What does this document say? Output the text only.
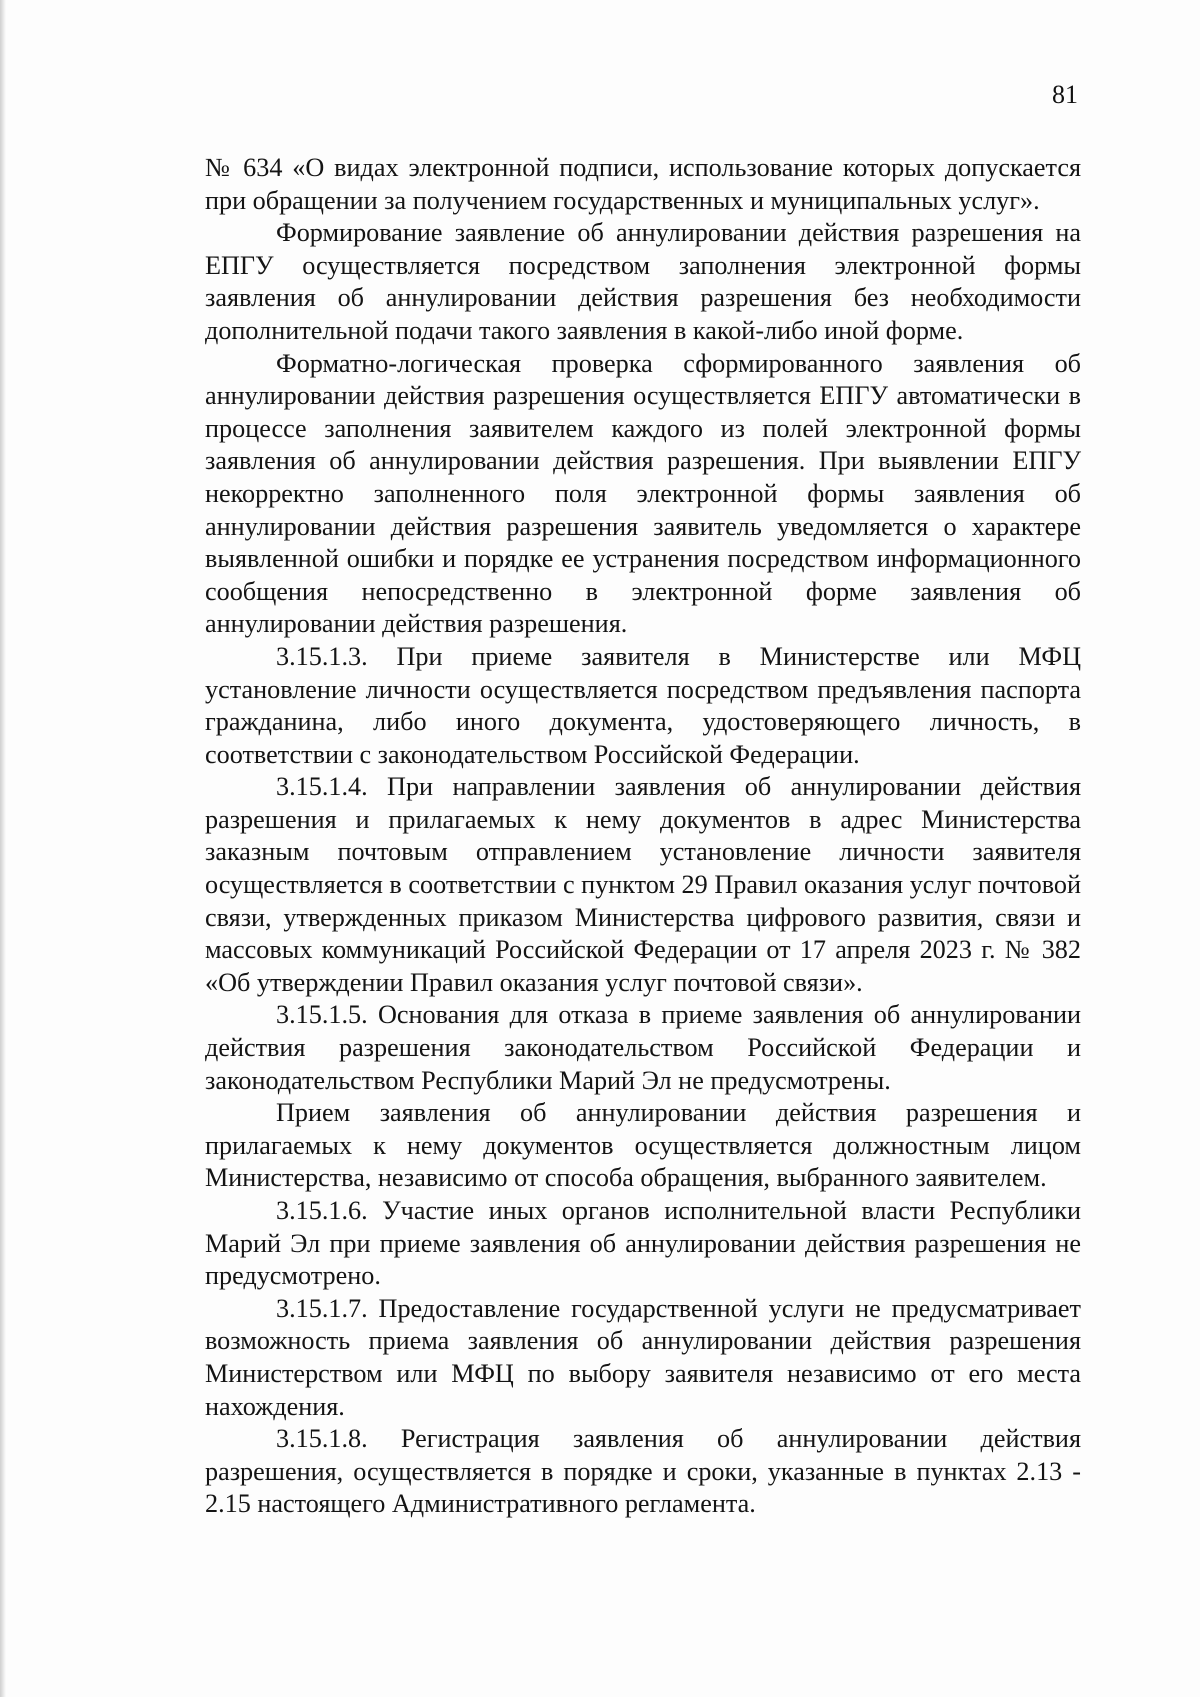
81

№ 634 «О видах электронной подписи, использование которых допускается при обращении за получением государственных и муниципальных услуг».

Формирование заявление об аннулировании действия разрешения на ЕПГУ осуществляется посредством заполнения электронной формы заявления об аннулировании действия разрешения без необходимости дополнительной подачи такого заявления в какой-либо иной форме.

Форматно-логическая проверка сформированного заявления об аннулировании действия разрешения осуществляется ЕПГУ автоматически в процессе заполнения заявителем каждого из полей электронной формы заявления об аннулировании действия разрешения. При выявлении ЕПГУ некорректно заполненного поля электронной формы заявления об аннулировании действия разрешения заявитель уведомляется о характере выявленной ошибки и порядке ее устранения посредством информационного сообщения непосредственно в электронной форме заявления об аннулировании действия разрешения.

3.15.1.3. При приеме заявителя в Министерстве или МФЦ установление личности осуществляется посредством предъявления паспорта гражданина, либо иного документа, удостоверяющего личность, в соответствии с законодательством Российской Федерации.

3.15.1.4. При направлении заявления об аннулировании действия разрешения и прилагаемых к нему документов в адрес Министерства заказным почтовым отправлением установление личности заявителя осуществляется в соответствии с пунктом 29 Правил оказания услуг почтовой связи, утвержденных приказом Министерства цифрового развития, связи и массовых коммуникаций Российской Федерации от 17 апреля 2023 г. № 382 «Об утверждении Правил оказания услуг почтовой связи».

3.15.1.5. Основания для отказа в приеме заявления об аннулировании действия разрешения законодательством Российской Федерации и законодательством Республики Марий Эл не предусмотрены.

Прием заявления об аннулировании действия разрешения и прилагаемых к нему документов осуществляется должностным лицом Министерства, независимо от способа обращения, выбранного заявителем.

3.15.1.6. Участие иных органов исполнительной власти Республики Марий Эл при приеме заявления об аннулировании действия разрешения не предусмотрено.

3.15.1.7. Предоставление государственной услуги не предусматривает возможность приема заявления об аннулировании действия разрешения Министерством или МФЦ по выбору заявителя независимо от его места нахождения.

3.15.1.8. Регистрация заявления об аннулировании действия разрешения, осуществляется в порядке и сроки, указанные в пунктах 2.13 - 2.15 настоящего Административного регламента.
